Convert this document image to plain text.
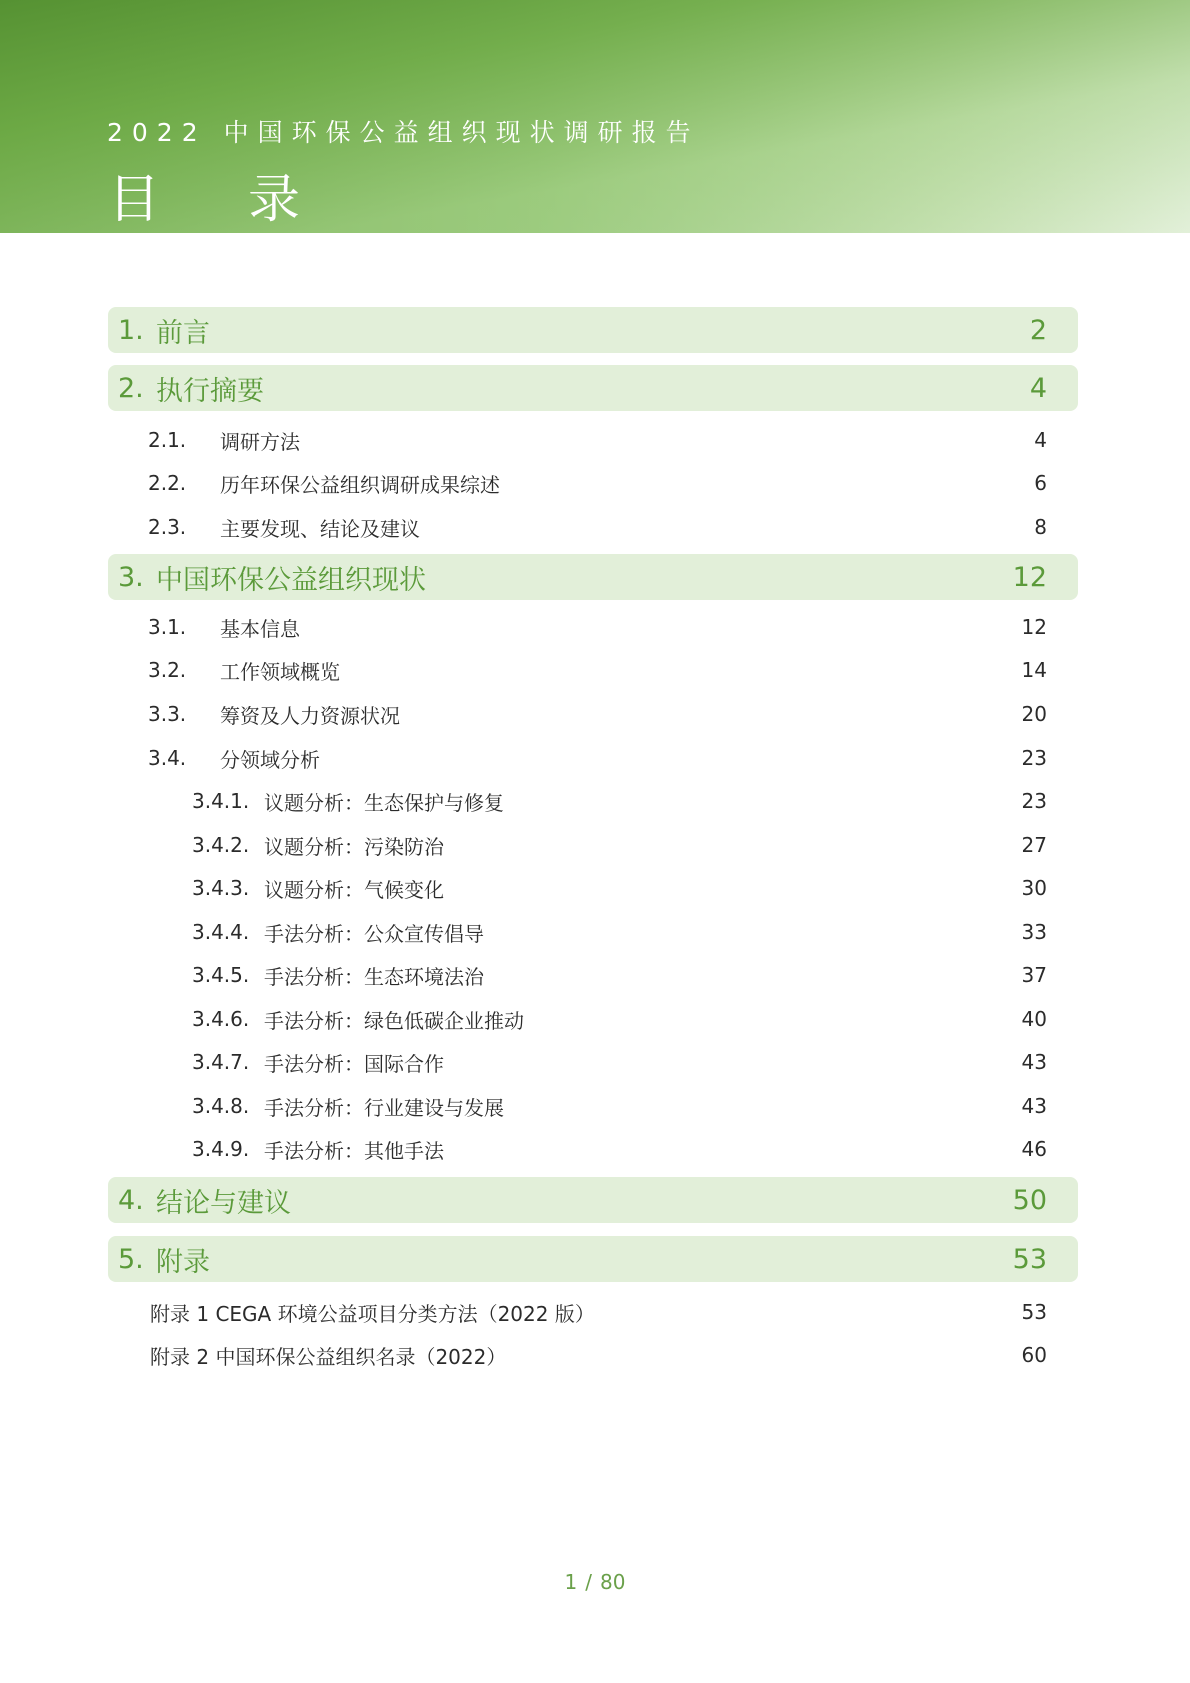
2022 中国环保公益组织现状调研报告
目录
1. 前言	2
2. 执行摘要	4
2.1.	调研方法	4
2.2.	历年环保公益组织调研成果综述	6
2.3.	主要发现、结论及建议	8
3. 中国环保公益组织现状	12
3.1.	基本信息	12
3.2.	工作领域概览	14
3.3.	筹资及人力资源状况	20
3.4.	分领域分析	23
3.4.1. 议题分析：生态保护与修复	23
3.4.2. 议题分析：污染防治	27
3.4.3. 议题分析：气候变化	30
3.4.4. 手法分析：公众宣传倡导	33
3.4.5. 手法分析：生态环境法治	37
3.4.6. 手法分析：绿色低碳企业推动	40
3.4.7. 手法分析：国际合作	43
3.4.8. 手法分析：行业建设与发展	43
3.4.9. 手法分析：其他手法	46
4. 结论与建议	50
5. 附录	53
附录 1 CEGA 环境公益项目分类方法（2022 版）	53
附录 2 中国环保公益组织名录（2022）	60
1 / 80
